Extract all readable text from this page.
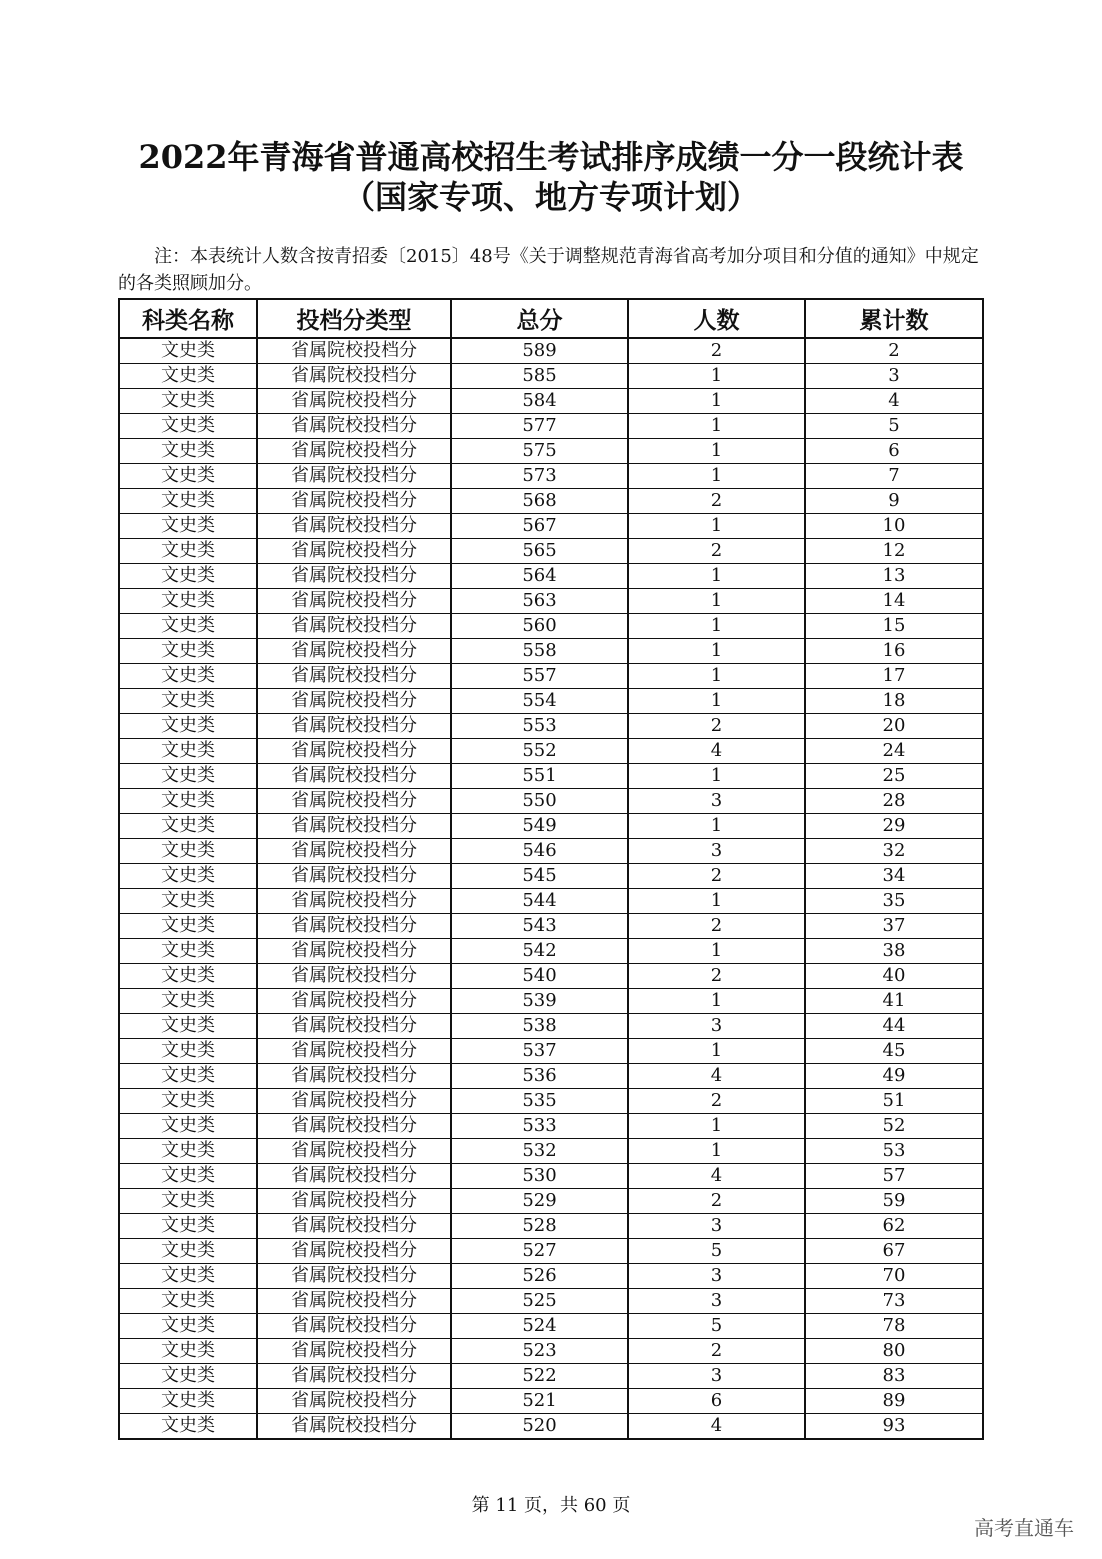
2022年青海省普通高校招生考试排序成绩一分一段统计表
（国家专项、地方专项计划）
注：本表统计人数含按青招委〔2015〕48号《关于调整规范青海省高考加分项目和分值的通知》中规定的各类照顾加分。
科类名称	投档分类型	总分	人数	累计数
文史类	省属院校投档分	589	2	2
文史类	省属院校投档分	585	1	3
文史类	省属院校投档分	584	1	4
文史类	省属院校投档分	577	1	5
文史类	省属院校投档分	575	1	6
文史类	省属院校投档分	573	1	7
文史类	省属院校投档分	568	2	9
文史类	省属院校投档分	567	1	10
文史类	省属院校投档分	565	2	12
文史类	省属院校投档分	564	1	13
文史类	省属院校投档分	563	1	14
文史类	省属院校投档分	560	1	15
文史类	省属院校投档分	558	1	16
文史类	省属院校投档分	557	1	17
文史类	省属院校投档分	554	1	18
文史类	省属院校投档分	553	2	20
文史类	省属院校投档分	552	4	24
文史类	省属院校投档分	551	1	25
文史类	省属院校投档分	550	3	28
文史类	省属院校投档分	549	1	29
文史类	省属院校投档分	546	3	32
文史类	省属院校投档分	545	2	34
文史类	省属院校投档分	544	1	35
文史类	省属院校投档分	543	2	37
文史类	省属院校投档分	542	1	38
文史类	省属院校投档分	540	2	40
文史类	省属院校投档分	539	1	41
文史类	省属院校投档分	538	3	44
文史类	省属院校投档分	537	1	45
文史类	省属院校投档分	536	4	49
文史类	省属院校投档分	535	2	51
文史类	省属院校投档分	533	1	52
文史类	省属院校投档分	532	1	53
文史类	省属院校投档分	530	4	57
文史类	省属院校投档分	529	2	59
文史类	省属院校投档分	528	3	62
文史类	省属院校投档分	527	5	67
文史类	省属院校投档分	526	3	70
文史类	省属院校投档分	525	3	73
文史类	省属院校投档分	524	5	78
文史类	省属院校投档分	523	2	80
文史类	省属院校投档分	522	3	83
文史类	省属院校投档分	521	6	89
文史类	省属院校投档分	520	4	93
第 11 页，共 60 页
高考直通车
